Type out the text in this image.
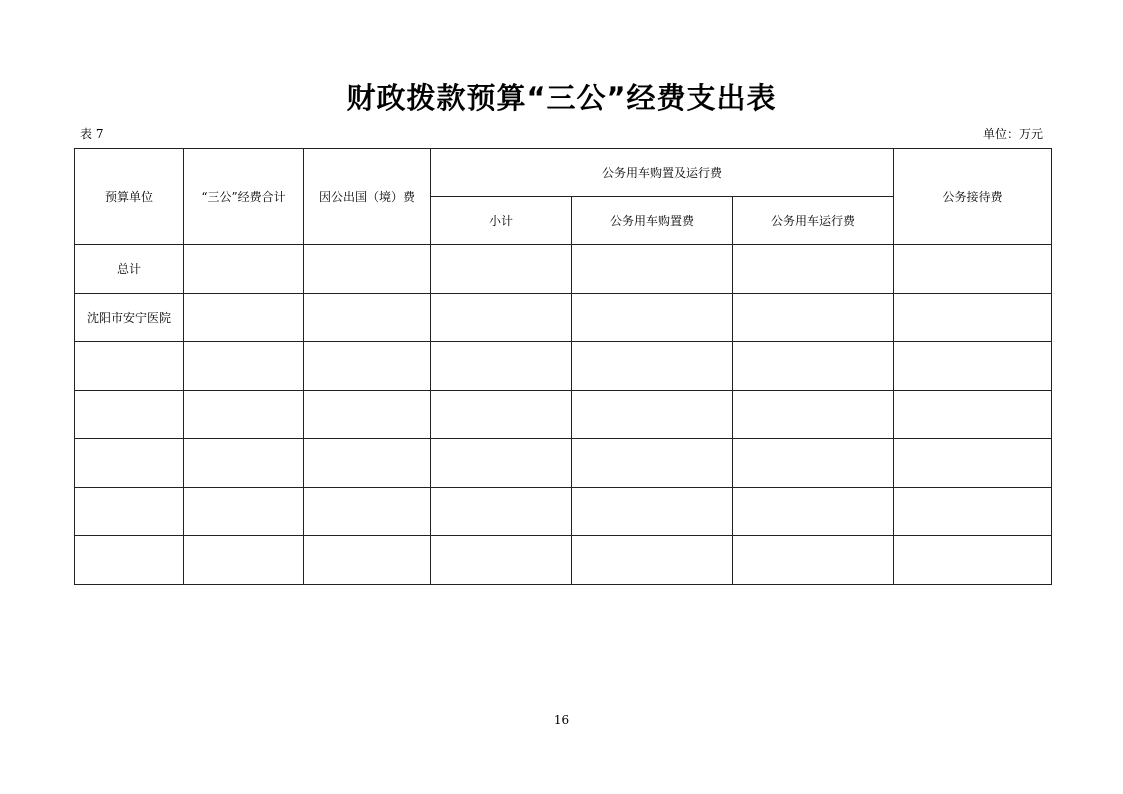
财政拨款预算“三公”经费支出表
表 7	单位：万元
预算单位	“三公”经费合计	因公出国（境）费	公务用车购置及运行费			公务接待费
			小计	公务用车购置费	公务用车运行费	
总计						
沈阳市安宁医院						

16
